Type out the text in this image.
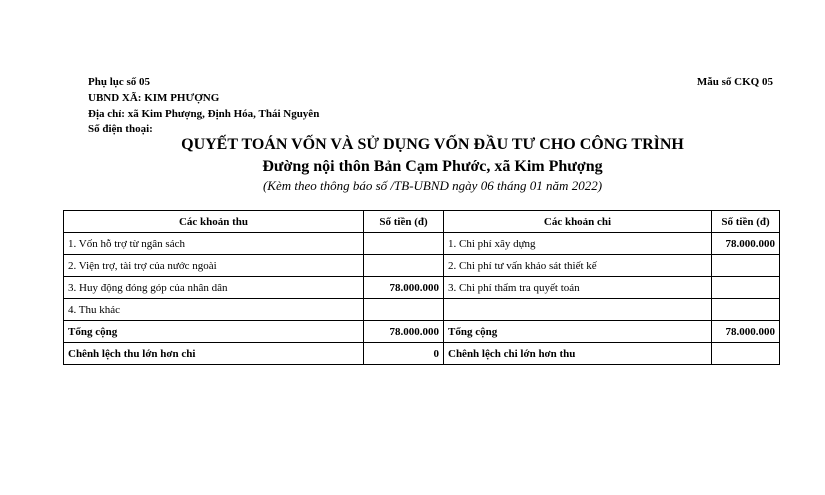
Phụ lục số 05
UBND XÃ: KIM PHƯỢNG
Địa chỉ: xã Kim Phượng, Định Hóa, Thái Nguyên
Số điện thoại:
Mẫu số CKQ 05
QUYẾT TOÁN VỐN VÀ SỬ DỤNG VỐN ĐẦU TƯ CHO CÔNG TRÌNH
Đường nội thôn Bản Cạm Phước, xã Kim Phượng
(Kèm theo thông báo số /TB-UBND ngày 06 tháng 01 năm 2022)
Các khoản thu	Số tiền (đ)	Các khoản chi	Số tiền (đ)
1. Vốn hỗ trợ từ ngân sách		1. Chi phí xây dựng	78.000.000
2. Viện trợ, tài trợ của nước ngoài		2. Chi phí tư vấn khảo sát thiết kế	
3. Huy động đóng góp của nhân dân	78.000.000	3. Chi phí thẩm tra quyết toán	
4. Thu khác			
Tổng cộng	78.000.000	Tổng cộng	78.000.000
Chênh lệch thu lớn hơn chi	0	Chênh lệch chi lớn hơn thu	
